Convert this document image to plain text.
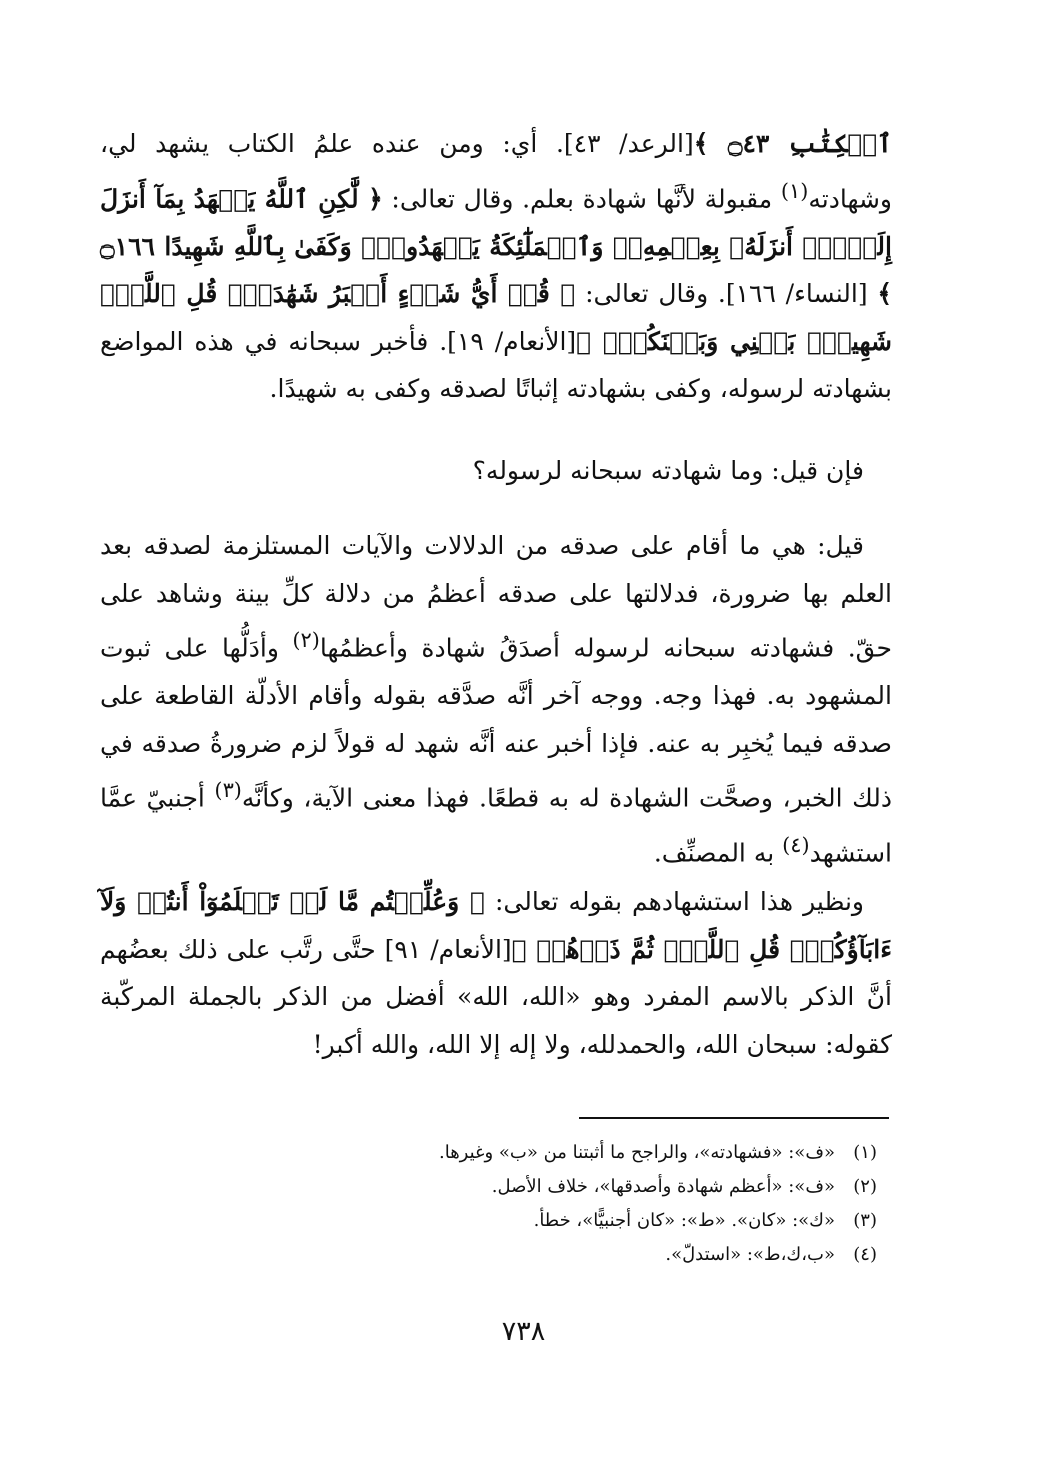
ٱلۡكِتَٰبِ ۝٤٣ ﴾[الرعد/ ٤٣]. أي: ومن عنده علمُ الكتاب يشهد لي، وشهادته$^{(١)}$ مقبولة لأنَّها شهادة بعلم. وقال تعالى: ﴿ لَّٰكِنِ ٱللَّهُ يَشۡهَدُ بِمَآ أَنزَلَ إِلَيۡكَۖ أَنزَلَهُۥ بِعِلۡمِهِۦۖ وَٱلۡمَلَٰٓئِكَةُ يَشۡهَدُونَۚ وَكَفَىٰ بِٱللَّهِ شَهِيدًا ۝١٦٦ ﴾ [النساء/ ١٦٦]. وقال تعالى: ﴿ قُلۡ أَيُّ شَيۡءٍ أَكۡبَرُ شَهَٰدَةٗۖ قُلِ ٱللَّهُۖ شَهِيدُۢ بَيۡنِي وَبَيۡنَكُمۡۚ ﴾[الأنعام/ ١٩]. فأخبر سبحانه في هذه المواضع بشهادته لرسوله، وكفى بشهادته إثباتًا لصدقه وكفى به شهيدًا.
فإن قيل: وما شهادته سبحانه لرسوله؟
قيل: هي ما أقام على صدقه من الدلالات والآيات المستلزمة لصدقه بعد العلم بها ضرورة، فدلالتها على صدقه أعظمُ من دلالة كلِّ بينة وشاهد على حقّ. فشهادته سبحانه لرسوله أصدَقُ شهادة وأعظمُها$^{(٢)}$ وأدَلُّها على ثبوت المشهود به. فهذا وجه. ووجه آخر أنَّه صدَّقه بقوله وأقام الأدلّة القاطعة على صدقه فيما يُخبِر به عنه. فإذا أخبر عنه أنَّه شهد له قولاً لزم ضرورةُ صدقه في ذلك الخبر، وصحَّت الشهادة له به قطعًا. فهذا معنى الآية، وكأنَّه$^{(٣)}$ أجنبيّ عمَّا استشهد$^{(٤)}$ به المصنِّف.
ونظير هذا استشهادهم بقوله تعالى: ﴿ وَعُلِّمۡتُم مَّا لَمۡ تَعۡلَمُوٓاْ أَنتُمۡ وَلَآ ءَابَآؤُكُمۡۖ قُلِ ٱللَّهُۖ ثُمَّ ذَرۡهُمۡ ﴾[الأنعام/ ٩١] حتَّى رتَّب على ذلك بعضُهم أنَّ الذكر بالاسم المفرد وهو «الله، الله» أفضل من الذكر بالجملة المركّبة كقوله: سبحان الله، والحمدلله، ولا إله إلا الله، والله أكبر!
(١)«ف»: «فشهادته»، والراجح ما أثبتنا من «ب» وغيرها.
(٢)«ف»: «أعظم شهادة وأصدقها»، خلاف الأصل.
(٣)«ك»: «كان». «ط»: «كان أجنبيًّا»، خطأ.
(٤)«ب،ك،ط»: «استدلّ».
٧٣٨
